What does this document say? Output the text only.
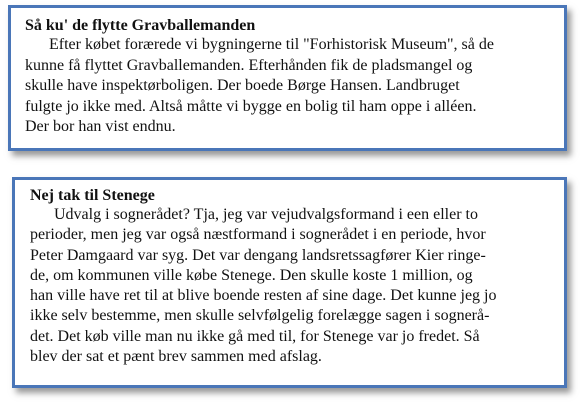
Så ku' de flytte Gravballemanden

Efter købet forærede vi bygningerne til "Forhistorisk Museum", så de
kunne få flyttet Gravballemanden. Efterhånden fik de pladsmangel og
skulle have inspektørboligen. Der boede Børge Hansen. Landbruget
fulgte jo ikke med. Altså måtte vi bygge en bolig til ham oppe i alléen.
Der bor han vist endnu.

Nej tak til Stenege

Udvalg i sognerådet? Tja, jeg var vejudvalgsformand i een eller to
perioder, men jeg var også næstformand i sognerådet i en periode, hvor
Peter Damgaard var syg. Det var dengang landsretssagfører Kier ringe-
de, om kommunen ville købe Stenege. Den skulle koste 1 million, og
han ville have ret til at blive boende resten af sine dage. Det kunne jeg jo
ikke selv bestemme, men skulle selvfølgelig forelægge sagen i sognerå-
det. Det køb ville man nu ikke gå med til, for Stenege var jo fredet. Så
blev der sat et pænt brev sammen med afslag.
